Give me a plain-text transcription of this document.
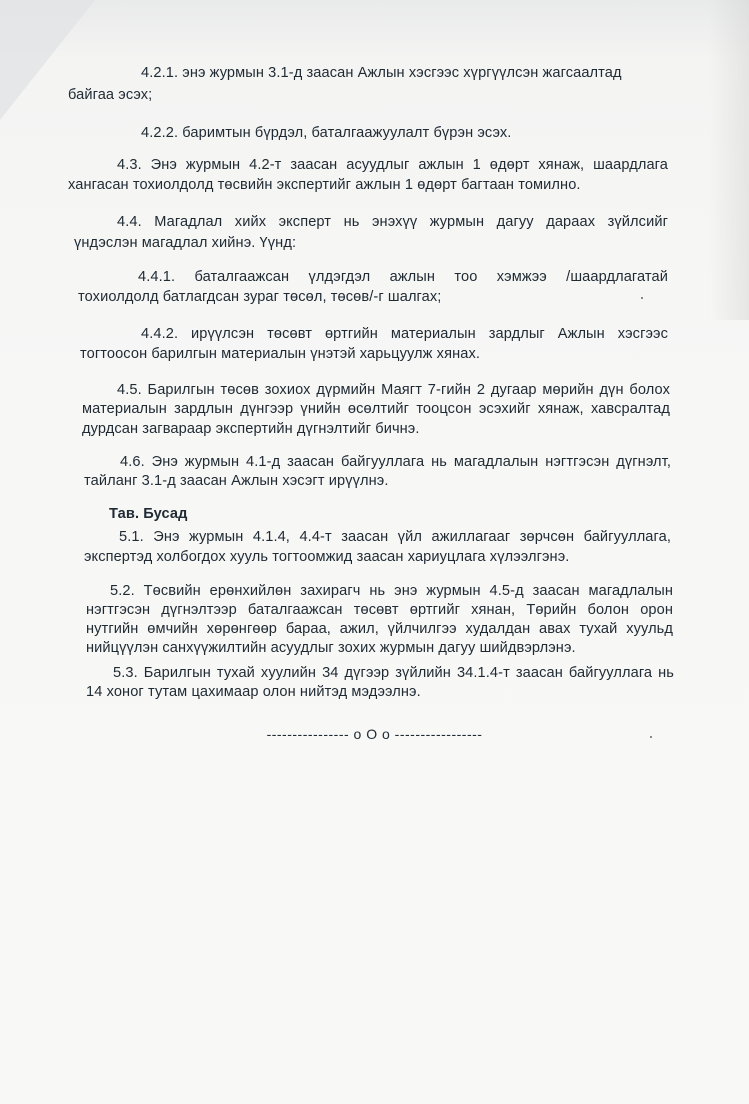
4.2.1. энэ журмын 3.1-д заасан Ажлын хэсгээс хүргүүлсэн жагсаалтад
байгаа эсэх;
4.2.2. баримтын бүрдэл, баталгаажуулалт бүрэн эсэх.
4.3. Энэ журмын 4.2-т заасан асуудлыг ажлын 1 өдөрт хянаж, шаардлага
хангасан тохиолдолд төсвийн экспертийг ажлын 1 өдөрт багтаан томилно.
4.4. Магадлал хийх эксперт нь энэхүү журмын дагуу дараах зүйлсийг
үндэслэн магадлал хийнэ. Үүнд:
4.4.1. баталгаажсан үлдэгдэл ажлын тоо хэмжээ /шаардлагатай
тохиолдолд батлагдсан зураг төсөл, төсөв/-г шалгах;
4.4.2. ирүүлсэн төсөвт өртгийн материалын зардлыг Ажлын хэсгээс
тогтоосон барилгын материалын үнэтэй харьцуулж хянах.
4.5. Барилгын төсөв зохиох дүрмийн Маягт 7-гийн 2 дугаар мөрийн дүн болох
материалын зардлын дүнгээр үнийн өсөлтийг тооцсон эсэхийг хянаж, хавсралтад
дурдсан загвараар экспертийн дүгнэлтийг бичнэ.
4.6. Энэ журмын 4.1-д заасан байгууллага нь магадлалын нэгтгэсэн дүгнэлт,
тайланг 3.1-д заасан Ажлын хэсэгт ирүүлнэ.
Тав. Бусад
5.1. Энэ журмын 4.1.4, 4.4-т заасан үйл ажиллагааг зөрчсөн байгууллага,
экспертэд холбогдох хууль тогтоомжид заасан хариуцлага хүлээлгэнэ.
5.2. Төсвийн ерөнхийлөн захирагч нь энэ журмын 4.5-д заасан магадлалын
нэгтгэсэн дүгнэлтээр баталгаажсан төсөвт өртгийг хянан, Төрийн болон орон
нутгийн өмчийн хөрөнгөөр бараа, ажил, үйлчилгээ худалдан авах тухай хуульд
нийцүүлэн санхүүжилтийн асуудлыг зохих журмын дагуу шийдвэрлэнэ.
5.3. Барилгын тухай хуулийн 34 дүгээр зүйлийн 34.1.4-т заасан байгууллага нь
14 хоног тутам цахимаар олон нийтэд мэдээлнэ.
---------------- o O o -----------------
